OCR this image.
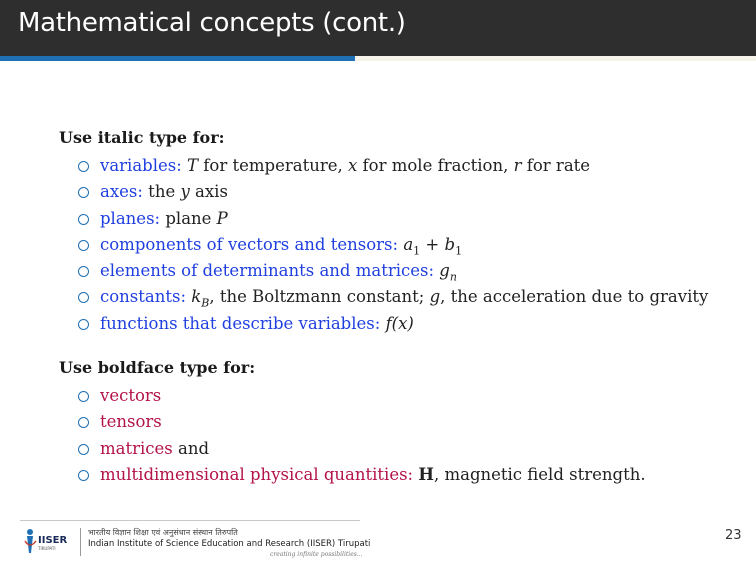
Mathematical concepts (cont.)
Use italic type for:
variables: T for temperature, x for mole fraction, r for rate
axes: the y axis
planes: plane P
components of vectors and tensors: $a_1 + b_1$
elements of determinants and matrices: $g_n$
constants: $k_B$, the Boltzmann constant; g, the acceleration due to gravity
functions that describe variables: f(x)
Use boldface type for:
vectors
tensors
matrices and
multidimensional physical quantities: H, magnetic field strength.
IISER
TIRUPATI
भारतीय विज्ञान शिक्षा एवं अनुसंधान संस्थान तिरुपति
Indian Institute of Science Education and Research (IISER) Tirupati
creating infinite possibilities...
23
